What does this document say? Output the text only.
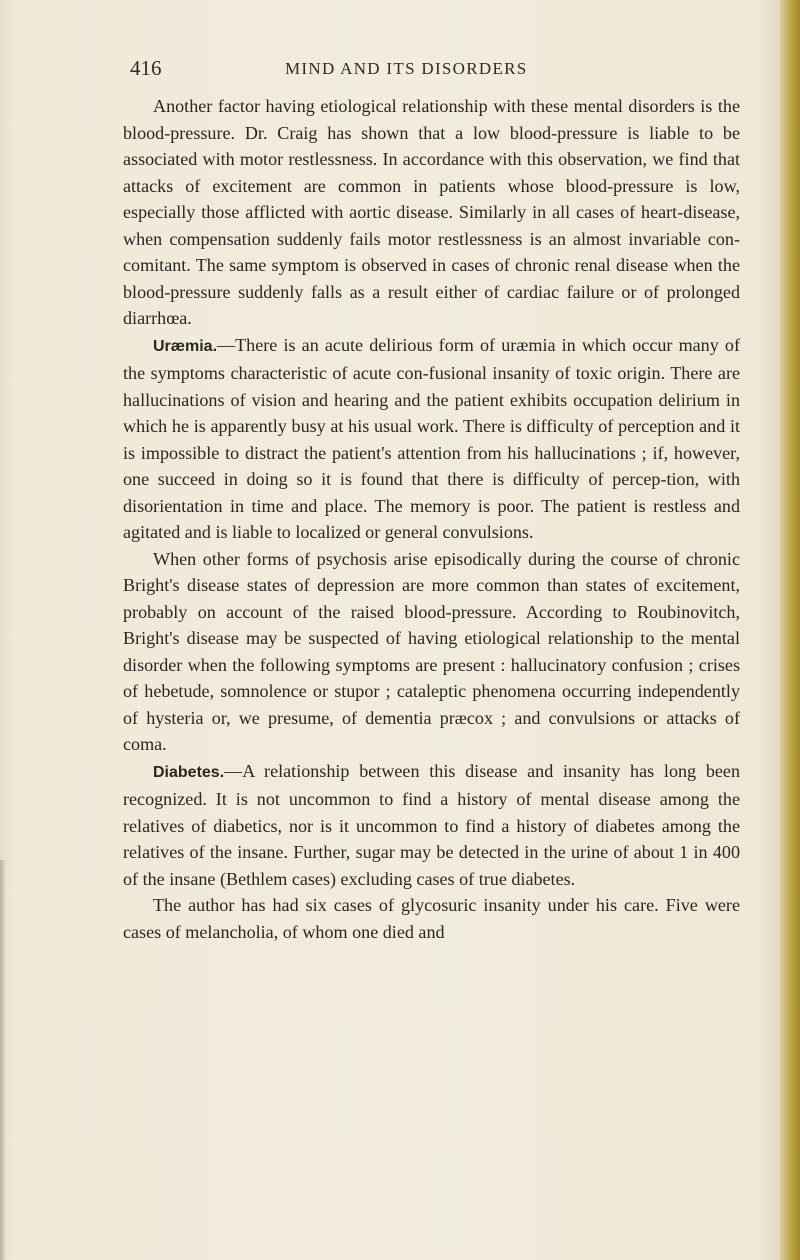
416	MIND AND ITS DISORDERS

Another factor having etiological relationship with these mental disorders is the blood-pressure. Dr. Craig has shown that a low blood-pressure is liable to be associated with motor restlessness. In accordance with this observation, we find that attacks of excitement are common in patients whose blood-pressure is low, especially those afflicted with aortic disease. Similarly in all cases of heart-disease, when compensation suddenly fails motor restlessness is an almost invariable con-comitant. The same symptom is observed in cases of chronic renal disease when the blood-pressure suddenly falls as a result either of cardiac failure or of prolonged diarrhœa.

Uræmia.—There is an acute delirious form of uræmia in which occur many of the symptoms characteristic of acute con-fusional insanity of toxic origin. There are hallucinations of vision and hearing and the patient exhibits occupation delirium in which he is apparently busy at his usual work. There is difficulty of perception and it is impossible to distract the patient's attention from his hallucinations ; if, however, one succeed in doing so it is found that there is difficulty of percep-tion, with disorientation in time and place. The memory is poor. The patient is restless and agitated and is liable to localized or general convulsions.

When other forms of psychosis arise episodically during the course of chronic Bright's disease states of depression are more common than states of excitement, probably on account of the raised blood-pressure. According to Roubinovitch, Bright's disease may be suspected of having etiological relationship to the mental disorder when the following symptoms are present : hallucinatory confusion ; crises of hebetude, somnolence or stupor ; cataleptic phenomena occurring independently of hysteria or, we presume, of dementia præcox ; and convulsions or attacks of coma.

Diabetes.—A relationship between this disease and insanity has long been recognized. It is not uncommon to find a history of mental disease among the relatives of diabetics, nor is it uncommon to find a history of diabetes among the relatives of the insane. Further, sugar may be detected in the urine of about 1 in 400 of the insane (Bethlem cases) excluding cases of true diabetes.

The author has had six cases of glycosuric insanity under his care. Five were cases of melancholia, of whom one died and
